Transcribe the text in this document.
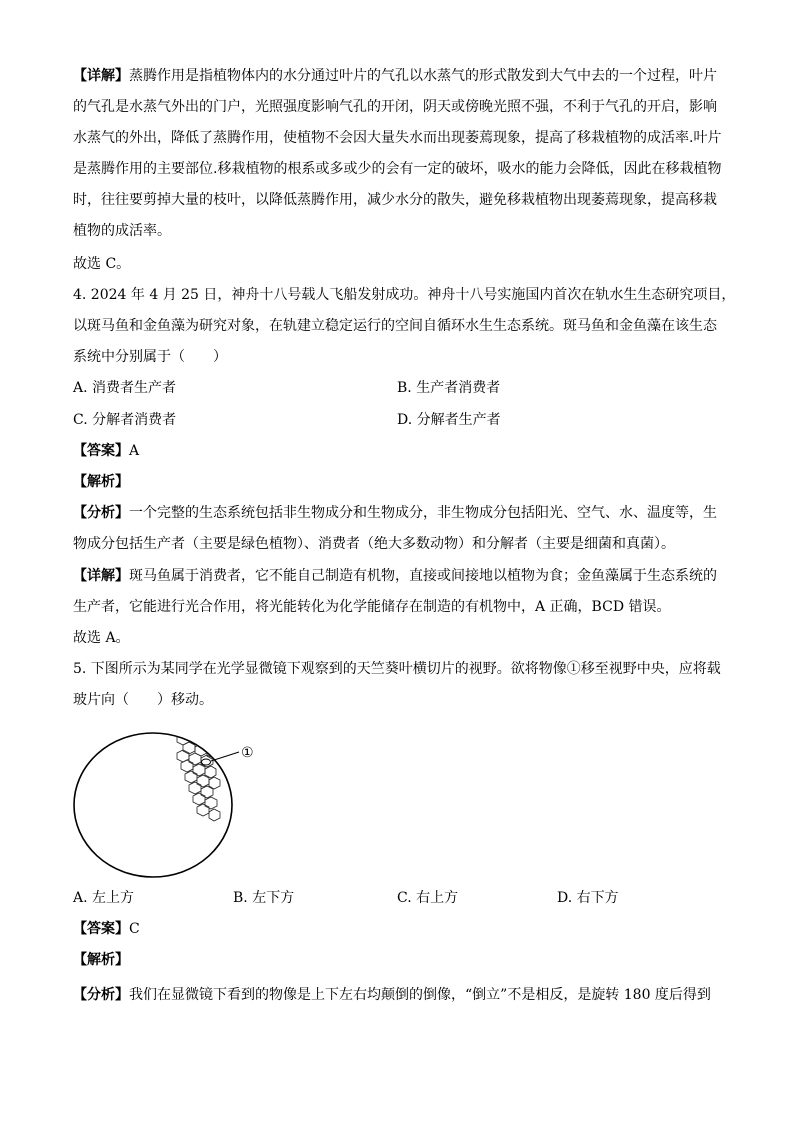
【详解】蒸腾作用是指植物体内的水分通过叶片的气孔以水蒸气的形式散发到大气中去的一个过程，叶片
的气孔是水蒸气外出的门户，光照强度影响气孔的开闭，阴天或傍晚光照不强，不利于气孔的开启，影响
水蒸气的外出，降低了蒸腾作用，使植物不会因大量失水而出现萎蔫现象，提高了移栽植物的成活率.叶片
是蒸腾作用的主要部位.移栽植物的根系或多或少的会有一定的破坏，吸水的能力会降低，因此在移栽植物
时，往往要剪掉大量的枝叶，以降低蒸腾作用，减少水分的散失，避免移栽植物出现萎蔫现象，提高移栽
植物的成活率。
故选 C。
4. 2024 年 4 月 25 日，神舟十八号载人飞船发射成功。神舟十八号实施国内首次在轨水生生态研究项目，
以斑马鱼和金鱼藻为研究对象，在轨建立稳定运行的空间自循环水生生态系统。斑马鱼和金鱼藻在该生态
系统中分别属于（　　）
A. 消费者生产者	B. 生产者消费者
C. 分解者消费者	D. 分解者生产者
【答案】A
【解析】
【分析】一个完整的生态系统包括非生物成分和生物成分，非生物成分包括阳光、空气、水、温度等，生
物成分包括生产者（主要是绿色植物）、消费者（绝大多数动物）和分解者（主要是细菌和真菌）。
【详解】斑马鱼属于消费者，它不能自己制造有机物，直接或间接地以植物为食；金鱼藻属于生态系统的
生产者，它能进行光合作用，将光能转化为化学能储存在制造的有机物中，A 正确，BCD 错误。
故选 A。
5. 下图所示为某同学在光学显微镜下观察到的天竺葵叶横切片的视野。欲将物像①移至视野中央，应将载
玻片向（　　）移动。
①
A. 左上方	B. 左下方	C. 右上方	D. 右下方
【答案】C
【解析】
【分析】我们在显微镜下看到的物像是上下左右均颠倒的倒像，“倒立”不是相反，是旋转 180 度后得到
